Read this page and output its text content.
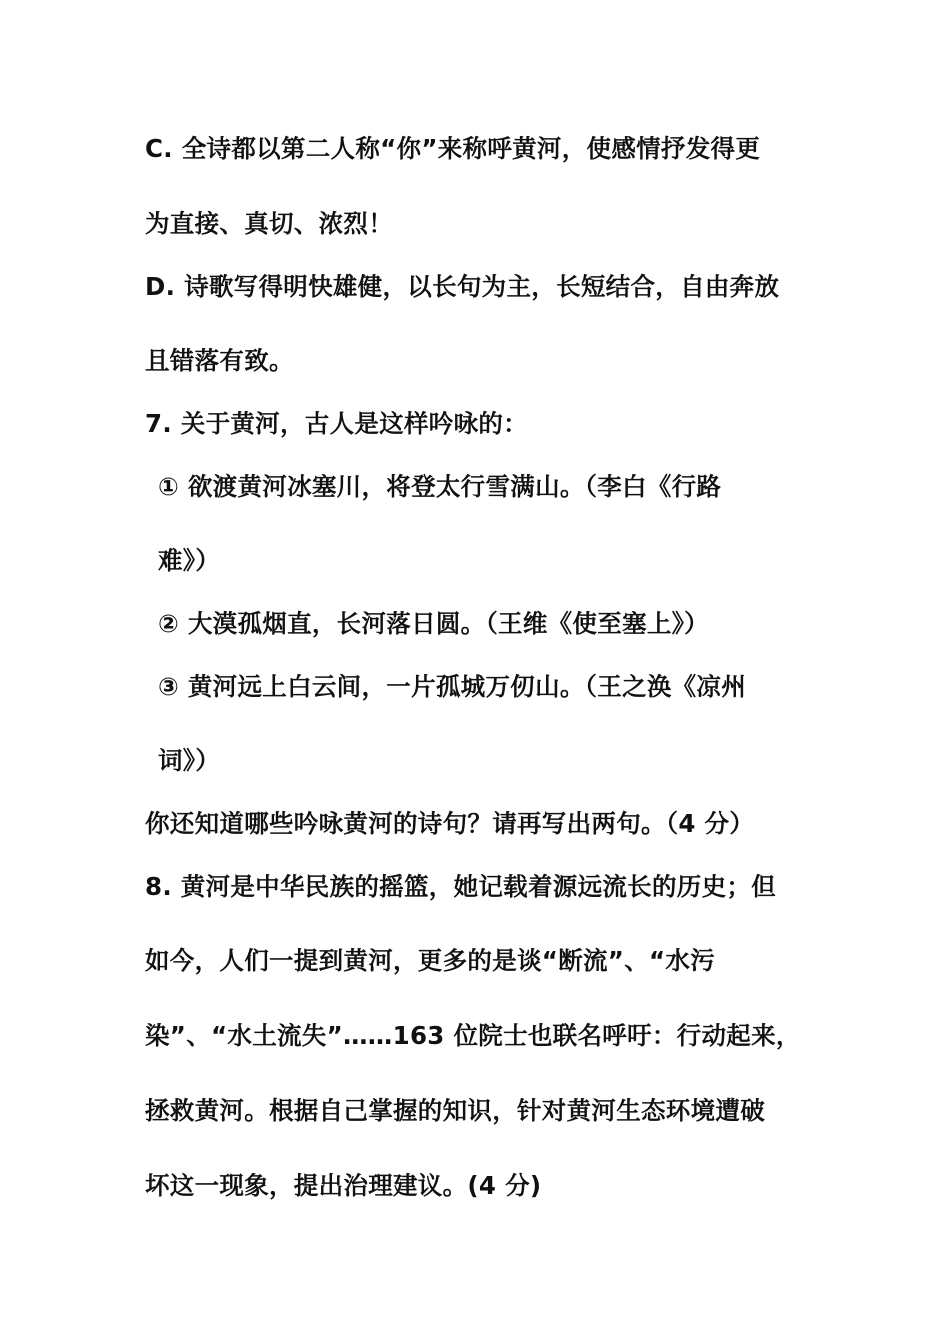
C. 全诗都以第二人称“你”来称呼黄河，使感情抒发得更
为直接、真切、浓烈！
D. 诗歌写得明快雄健，以长句为主，长短结合，自由奔放
且错落有致。
7. 关于黄河，古人是这样吟咏的：
① 欲渡黄河冰塞川，将登太行雪满山。（李白《行路
难》）
② 大漠孤烟直，长河落日圆。（王维《使至塞上》）
③ 黄河远上白云间，一片孤城万仞山。（王之涣《凉州
词》）
你还知道哪些吟咏黄河的诗句？请再写出两句。（4 分）
8. 黄河是中华民族的摇篮，她记载着源远流长的历史；但
如今，人们一提到黄河，更多的是谈“断流”、“水污
染”、“水土流失”……163 位院士也联名呼吁：行动起来，
拯救黄河。根据自己掌握的知识，针对黄河生态环境遭破
坏这一现象，提出治理建议。(4 分)
